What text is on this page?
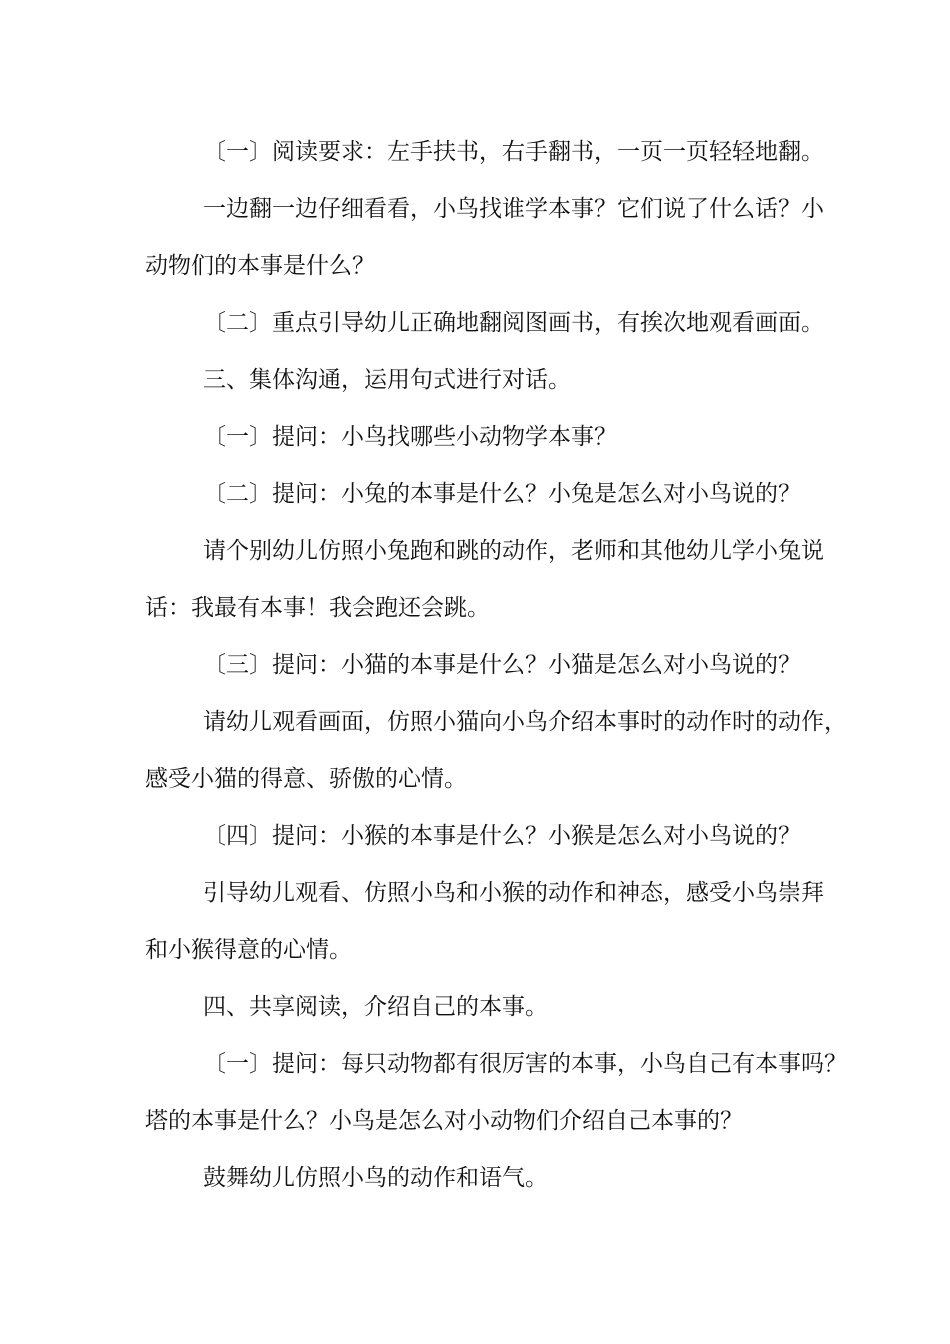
〔一〕阅读要求：左手扶书，右手翻书，一页一页轻轻地翻。
一边翻一边仔细看看，小鸟找谁学本事？它们说了什么话？小
动物们的本事是什么？
〔二〕重点引导幼儿正确地翻阅图画书，有挨次地观看画面。
三、集体沟通，运用句式进行对话。
〔一〕提问：小鸟找哪些小动物学本事？
〔二〕提问：小兔的本事是什么？小兔是怎么对小鸟说的？
请个别幼儿仿照小兔跑和跳的动作，老师和其他幼儿学小兔说
话：我最有本事！我会跑还会跳。
〔三〕提问：小猫的本事是什么？小猫是怎么对小鸟说的？
请幼儿观看画面，仿照小猫向小鸟介绍本事时的动作时的动作，
感受小猫的得意、骄傲的心情。
〔四〕提问：小猴的本事是什么？小猴是怎么对小鸟说的？
引导幼儿观看、仿照小鸟和小猴的动作和神态，感受小鸟崇拜
和小猴得意的心情。
四、共享阅读，介绍自己的本事。
〔一〕提问：每只动物都有很厉害的本事，小鸟自己有本事吗？
塔的本事是什么？小鸟是怎么对小动物们介绍自己本事的？
鼓舞幼儿仿照小鸟的动作和语气。
